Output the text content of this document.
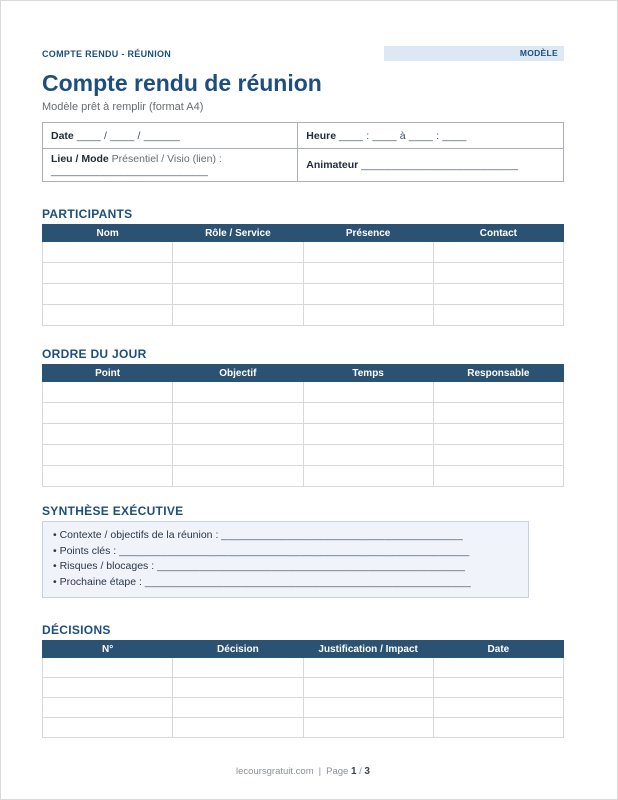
COMPTE RENDU - RÉUNION	MODÈLE
Compte rendu de réunion
Modèle prêt à remplir (format A4)
Date ____ / ____ / ______	Heure ____ : ____ à ____ : ____
Lieu / Mode Présentiel / Visio (lien) :
__________________________	Animateur __________________________
PARTICIPANTS
Nom	Rôle / Service	Présence	Contact

ORDRE DU JOUR
Point	Objectif	Temps	Responsable

SYNTHÈSE EXÉCUTIVE
• Contexte / objectifs de la réunion : ________________________________________
• Points clés : __________________________________________________________
• Risques / blocages : ___________________________________________________
• Prochaine étape : ______________________________________________________
DÉCISIONS
N°	Décision	Justification / Impact	Date

lecoursgratuit.com | Page 1 / 3
